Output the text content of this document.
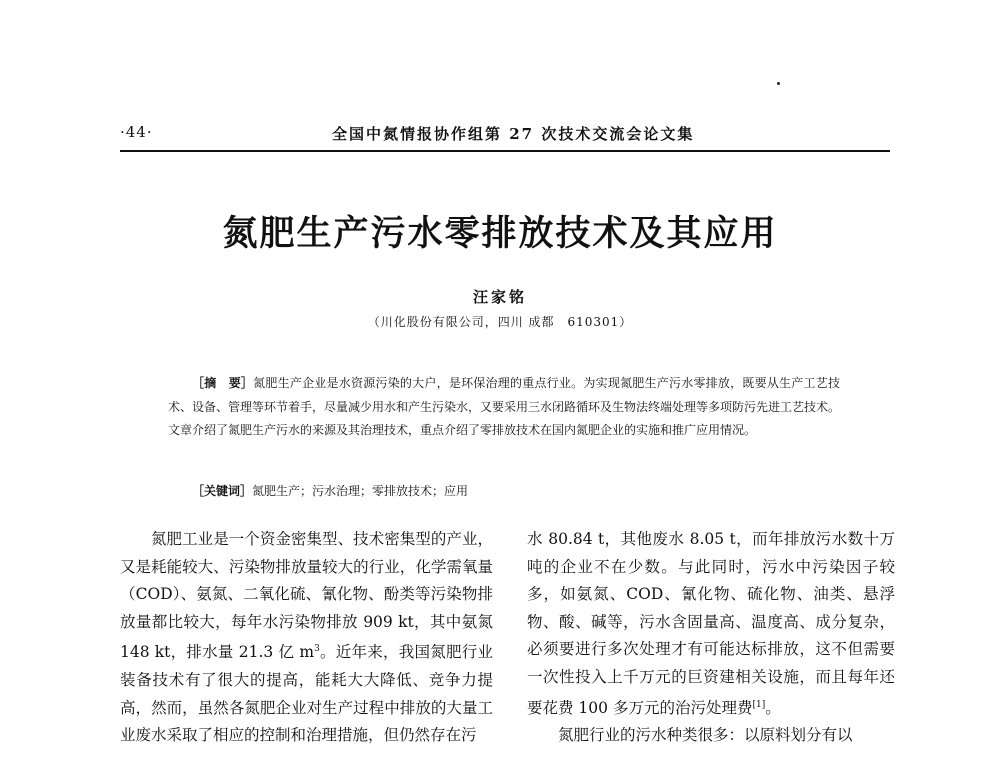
·44·	全国中氮情报协作组第 27 次技术交流会论文集
氮肥生产污水零排放技术及其应用
汪家铭
（川化股份有限公司，四川 成都　610301）

［摘　要］氮肥生产企业是水资源污染的大户，是环保治理的重点行业。为实现氮肥生产污水零排放，既要从生产工艺技术、设备、管理等环节着手，尽量减少用水和产生污染水，又要采用三水闭路循环及生物法终端处理等多项防污先进工艺技术。文章介绍了氮肥生产污水的来源及其治理技术，重点介绍了零排放技术在国内氮肥企业的实施和推广应用情况。

［关键词］氮肥生产；污水治理；零排放技术；应用

氮肥工业是一个资金密集型、技术密集型的产业，又是耗能较大、污染物排放量较大的行业，化学需氧量（COD）、氨氮、二氧化硫、氰化物、酚类等污染物排放量都比较大，每年水污染物排放 909 kt，其中氨氮 148 kt，排水量 21.3 亿 $m^3$。近年来，我国氮肥行业装备技术有了很大的提高，能耗大大降低、竞争力提高，然而，虽然各氮肥企业对生产过程中排放的大量工业废水采取了相应的控制和治理措施，但仍然存在污

水 80.84 t，其他废水 8.05 t，而年排放污水数十万吨的企业不在少数。与此同时，污水中污染因子较多，如氨氮、COD、氰化物、硫化物、油类、悬浮物、酸、碱等，污水含固量高、温度高、成分复杂，必须要进行多次处理才有可能达标排放，这不但需要一次性投入上千万元的巨资建相关设施，而且每年还要花费 100 多万元的治污处理费[1]。

氮肥行业的污水种类很多：以原料划分有以
